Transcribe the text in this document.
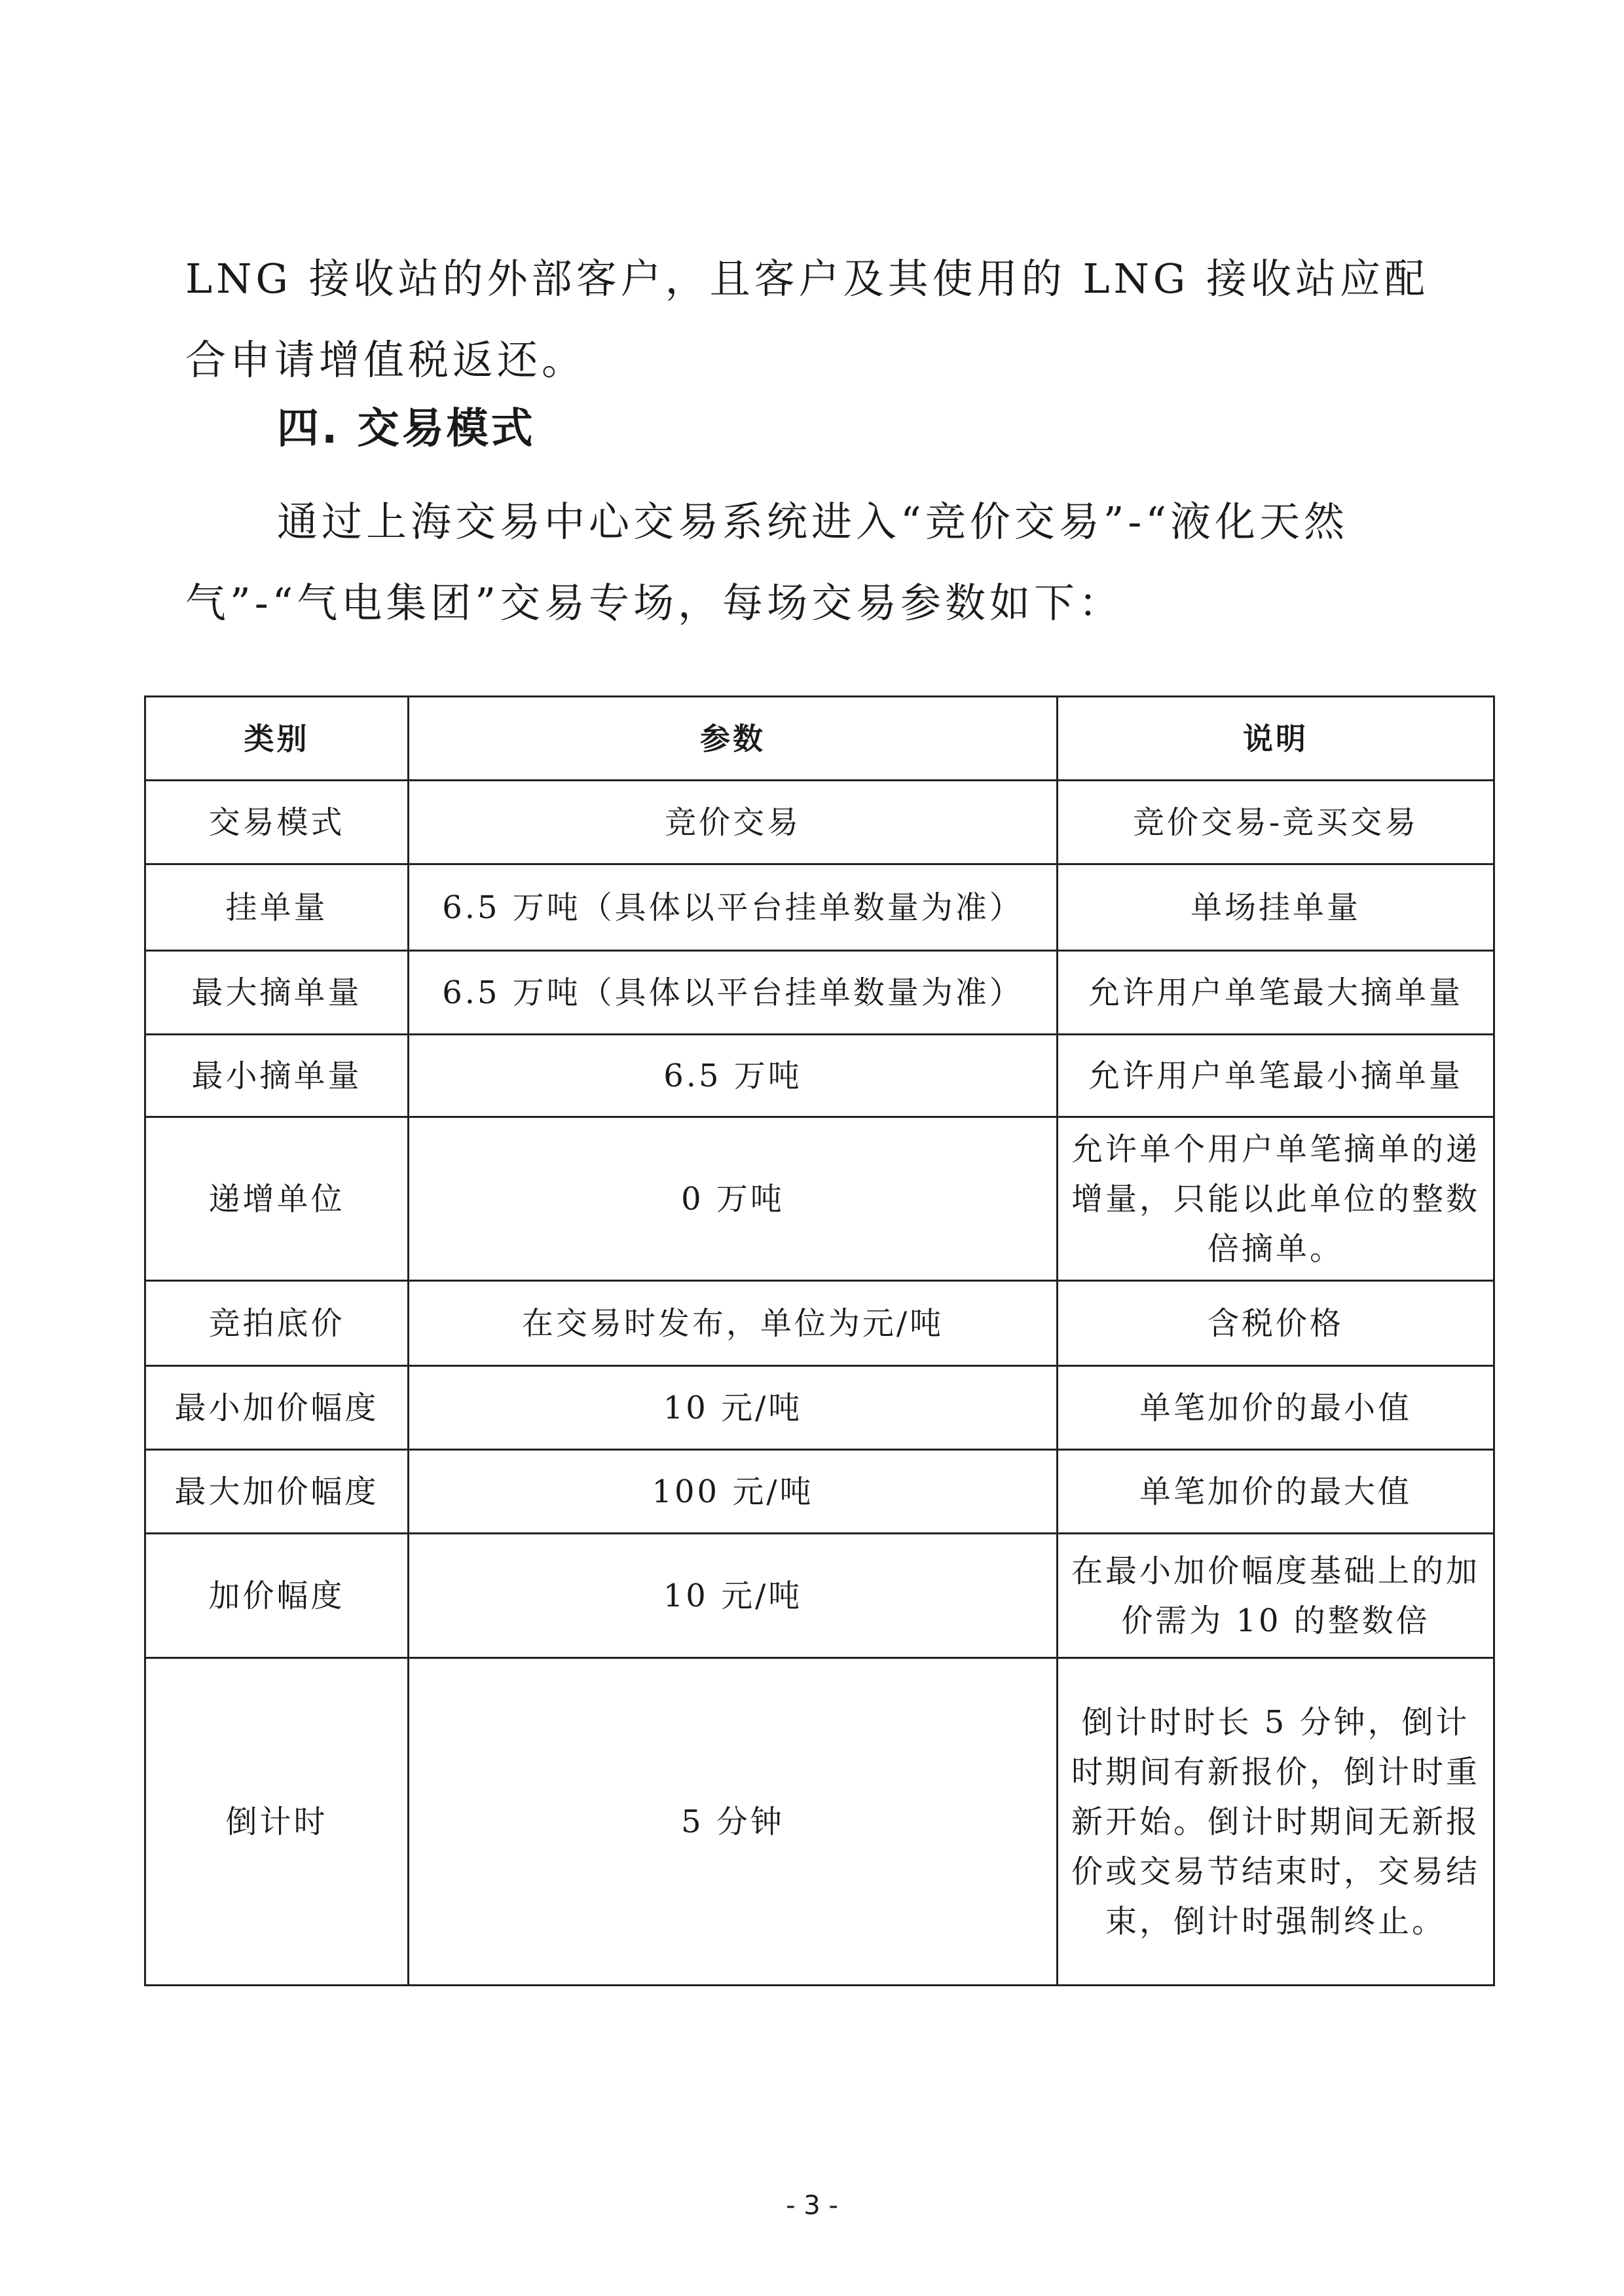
LNG 接收站的外部客户，且客户及其使用的 LNG 接收站应配合申请增值税返还。
四. 交易模式
通过上海交易中心交易系统进入“竞价交易”-“液化天然气”-“气电集团”交易专场，每场交易参数如下：
类别	参数	说明
交易模式	竞价交易	竞价交易-竞买交易
挂单量	6.5 万吨（具体以平台挂单数量为准）	单场挂单量
最大摘单量	6.5 万吨（具体以平台挂单数量为准）	允许用户单笔最大摘单量
最小摘单量	6.5 万吨	允许用户单笔最小摘单量
递增单位	0 万吨	允许单个用户单笔摘单的递增量，只能以此单位的整数倍摘单。
竞拍底价	在交易时发布，单位为元/吨	含税价格
最小加价幅度	10 元/吨	单笔加价的最小值
最大加价幅度	100 元/吨	单笔加价的最大值
加价幅度	10 元/吨	在最小加价幅度基础上的加价需为 10 的整数倍
倒计时	5 分钟	倒计时时长 5 分钟，倒计时期间有新报价，倒计时重新开始。倒计时期间无新报价或交易节结束时，交易结束，倒计时强制终止。
- 3 -
